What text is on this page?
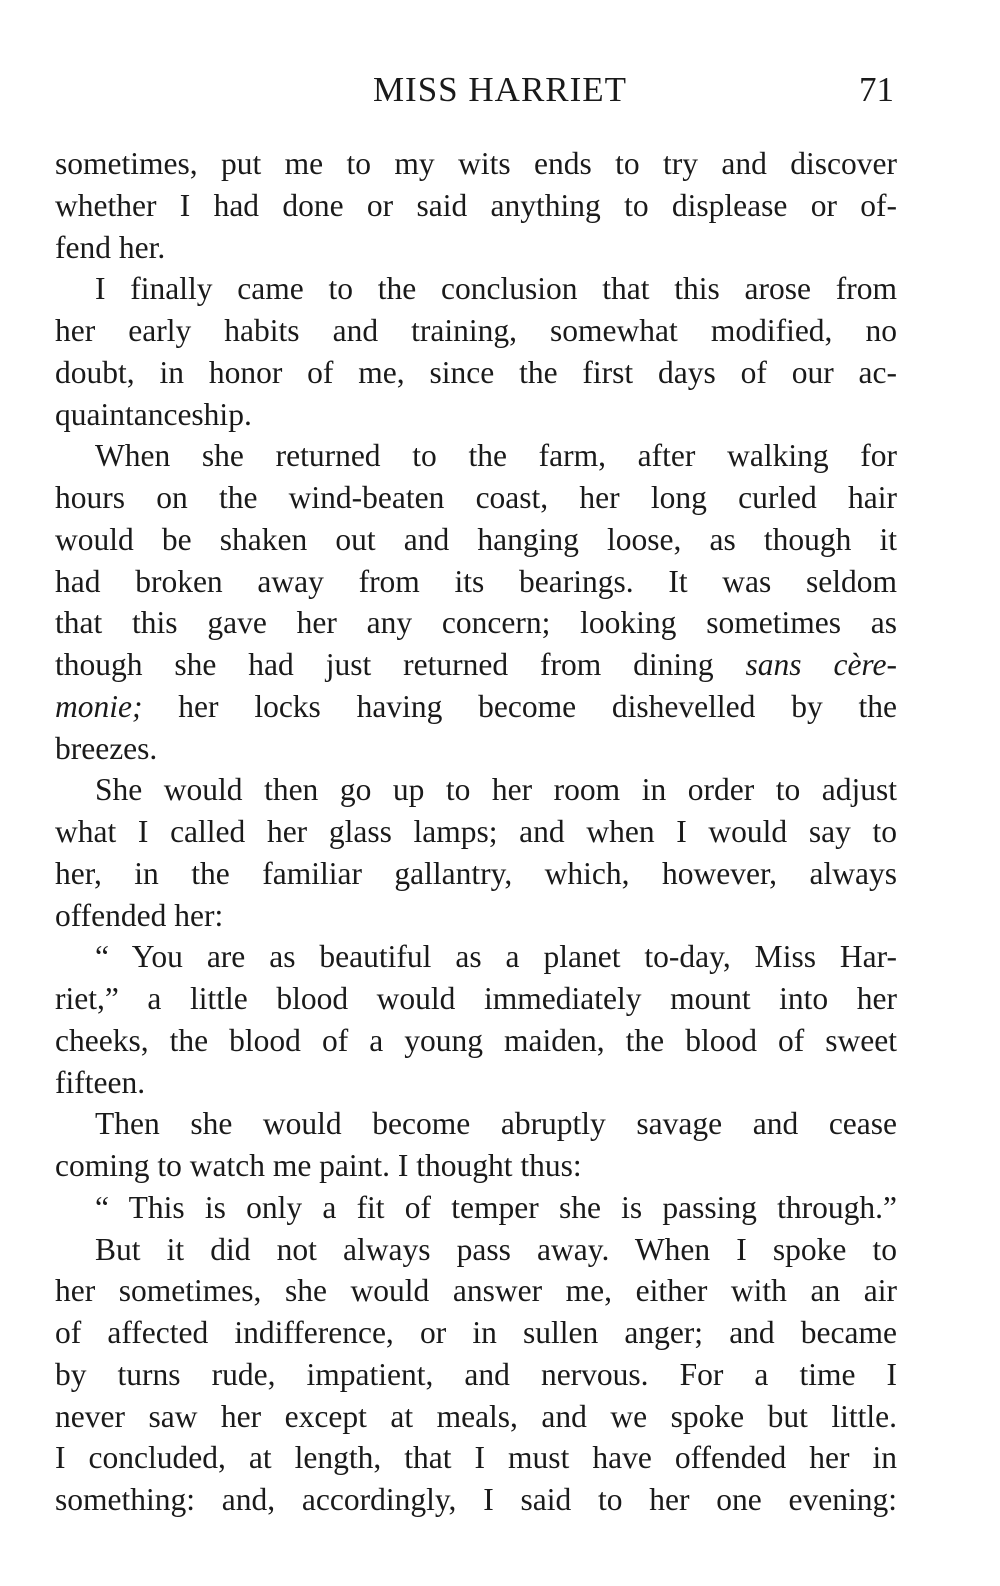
MISS HARRIET	71
sometimes, put me to my wits ends to try and discover
whether I had done or said anything to displease or of-
fend her.
I finally came to the conclusion that this arose from
her early habits and training, somewhat modified, no
doubt, in honor of me, since the first days of our ac-
quaintanceship.
When she returned to the farm, after walking for
hours on the wind-beaten coast, her long curled hair
would be shaken out and hanging loose, as though it
had broken away from its bearings. It was seldom
that this gave her any concern; looking sometimes as
though she had just returned from dining sans cère-
monie; her locks having become dishevelled by the
breezes.
She would then go up to her room in order to adjust
what I called her glass lamps; and when I would say to
her, in the familiar gallantry, which, however, always
offended her:
“ You are as beautiful as a planet to-day, Miss Har-
riet,” a little blood would immediately mount into her
cheeks, the blood of a young maiden, the blood of sweet
fifteen.
Then she would become abruptly savage and cease
coming to watch me paint. I thought thus:
“ This is only a fit of temper she is passing through.”
But it did not always pass away. When I spoke to
her sometimes, she would answer me, either with an air
of affected indifference, or in sullen anger; and became
by turns rude, impatient, and nervous. For a time I
never saw her except at meals, and we spoke but little.
I concluded, at length, that I must have offended her in
something: and, accordingly, I said to her one evening:
